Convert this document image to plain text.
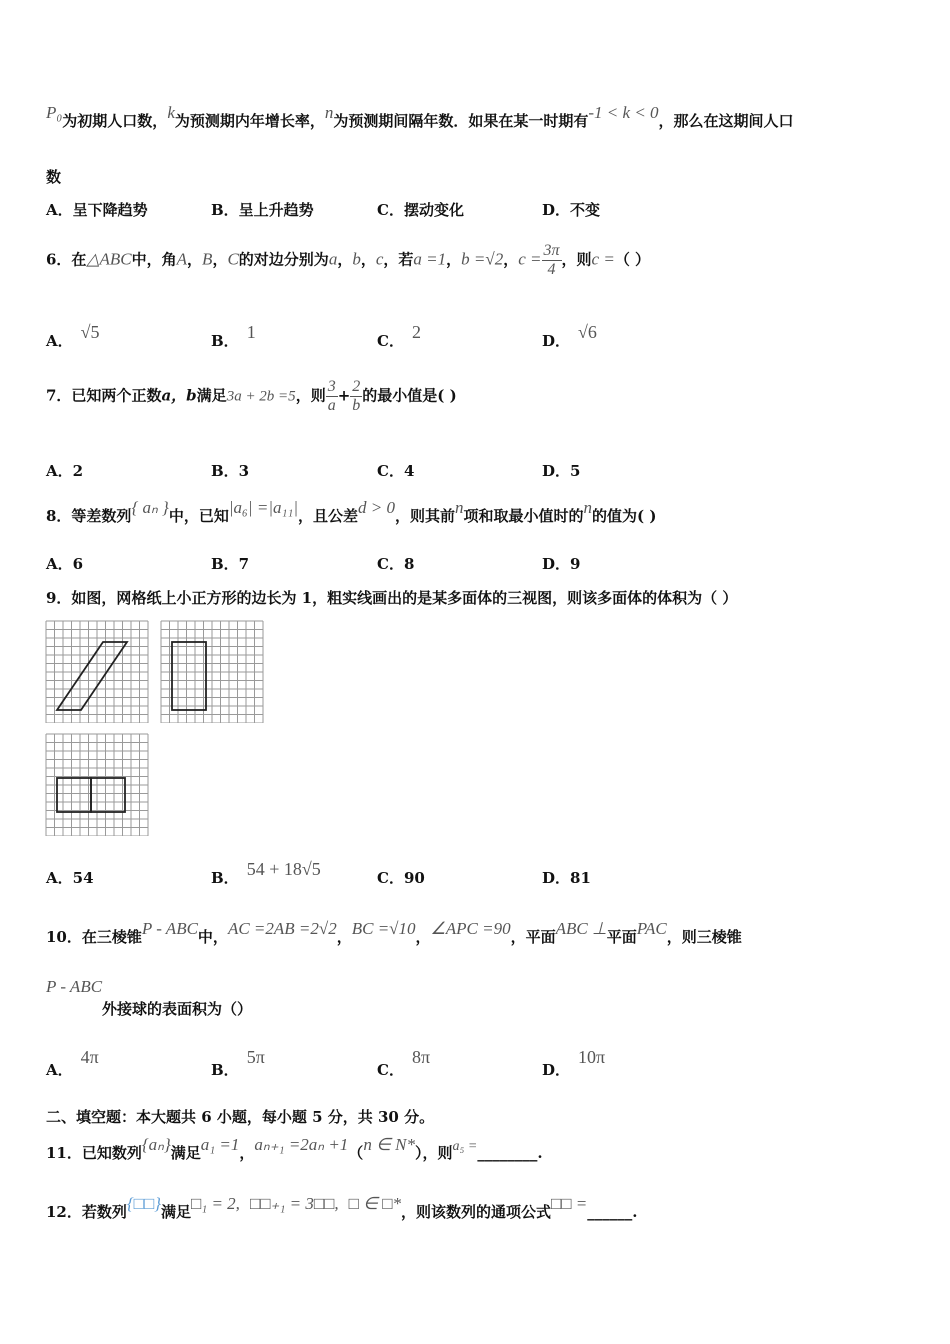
P₀为初期人口数，k为预测期内年增长率，n为预测期间隔年数．如果在某一时期有-1 < k < 0，那么在这期间人口
数
A．呈下降趋势	B．呈上升趋势	C．摆动变化	D．不变
6．在△ABC中，角A，B，C的对边分别为a，b，c，若a =1，b =√2，$c = \frac{3\pi}{4}$ ，则c =（ ）
A． √5	B． 1	C． 2	D． √6
7．已知两个正数a，b满足3a + 2b =5，则 $\frac{3}{a} + \frac{2}{b}$ 的最小值是( )
A．2	B．3	C．4	D．5
8．等差数列{ aₙ }中，已知|a₆| =|a₁₁|，且公差d > 0，则其前n项和取最小值时的n的值为( )
A．6	B．7	C．8	D．9
9．如图，网格纸上小正方形的边长为 1，粗实线画出的是某多面体的三视图，则该多面体的体积为（ ）
A．54	B． 54 + 18√5	C．90	D．81
10．在三棱锥P - ABC中，AC =2AB =2√2，BC =√10，∠APC =90，平面ABC ⊥平面PAC，则三棱锥
P - ABC外接球的表面积为（）
A．4π
B．5π
C．8π
D．10π
二、填空题：本大题共 6 小题，每小题 5 分，共 30 分。
11．已知数列{aₙ}满足a₁ =1，aₙ₊₁ =2aₙ +1（n ∈ N*），则a₅ =________.
12．若数列{□□}满足□₁ = 2, □□₊₁ = 3□□, □ ∈ □*，则该数列的通项公式□□ =______.
